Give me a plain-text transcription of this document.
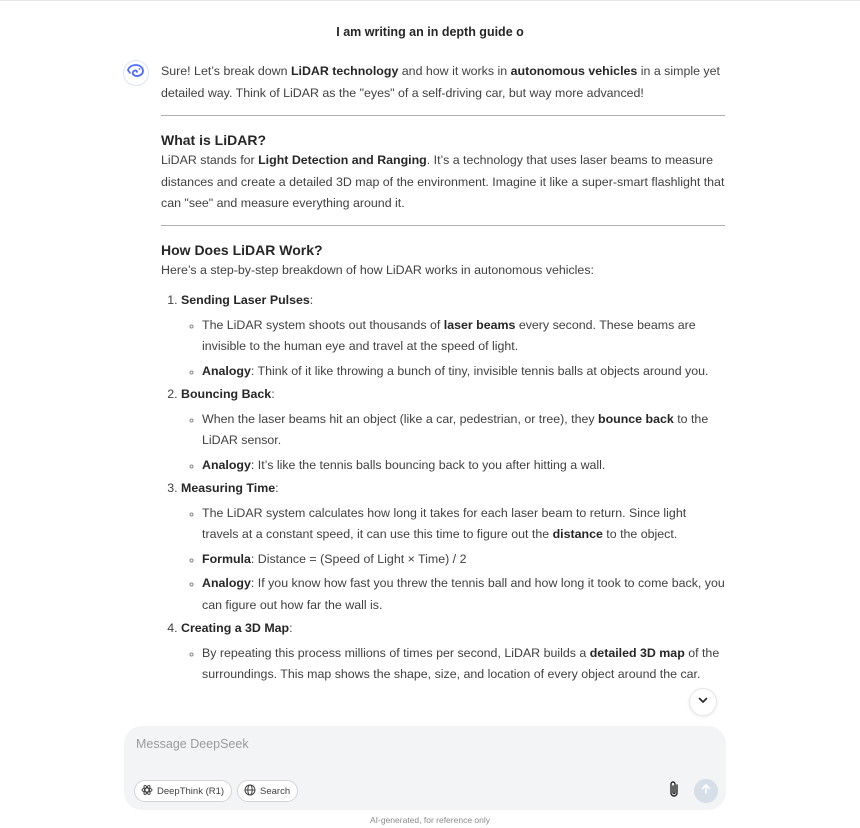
I am writing an in depth guide o

Sure! Let’s break down LiDAR technology and how it works in autonomous vehicles in a simple yet detailed way. Think of LiDAR as the "eyes" of a self-driving car, but way more advanced!

What is LiDAR?

LiDAR stands for Light Detection and Ranging. It’s a technology that uses laser beams to measure distances and create a detailed 3D map of the environment. Imagine it like a super-smart flashlight that can "see" and measure everything around it.

How Does LiDAR Work?

Here’s a step-by-step breakdown of how LiDAR works in autonomous vehicles:

1. Sending Laser Pulses:
◦ The LiDAR system shoots out thousands of laser beams every second. These beams are invisible to the human eye and travel at the speed of light.
◦ Analogy: Think of it like throwing a bunch of tiny, invisible tennis balls at objects around you.
2. Bouncing Back:
◦ When the laser beams hit an object (like a car, pedestrian, or tree), they bounce back to the LiDAR sensor.
◦ Analogy: It’s like the tennis balls bouncing back to you after hitting a wall.
3. Measuring Time:
◦ The LiDAR system calculates how long it takes for each laser beam to return. Since light travels at a constant speed, it can use this time to figure out the distance to the object.
◦ Formula: Distance = (Speed of Light × Time) / 2
◦ Analogy: If you know how fast you threw the tennis ball and how long it took to come back, you can figure out how far the wall is.
4. Creating a 3D Map:
◦ By repeating this process millions of times per second, LiDAR builds a detailed 3D map of the surroundings. This map shows the shape, size, and location of every object around the car.
Message DeepSeek
DeepThink (R1)	Search
AI-generated, for reference only
